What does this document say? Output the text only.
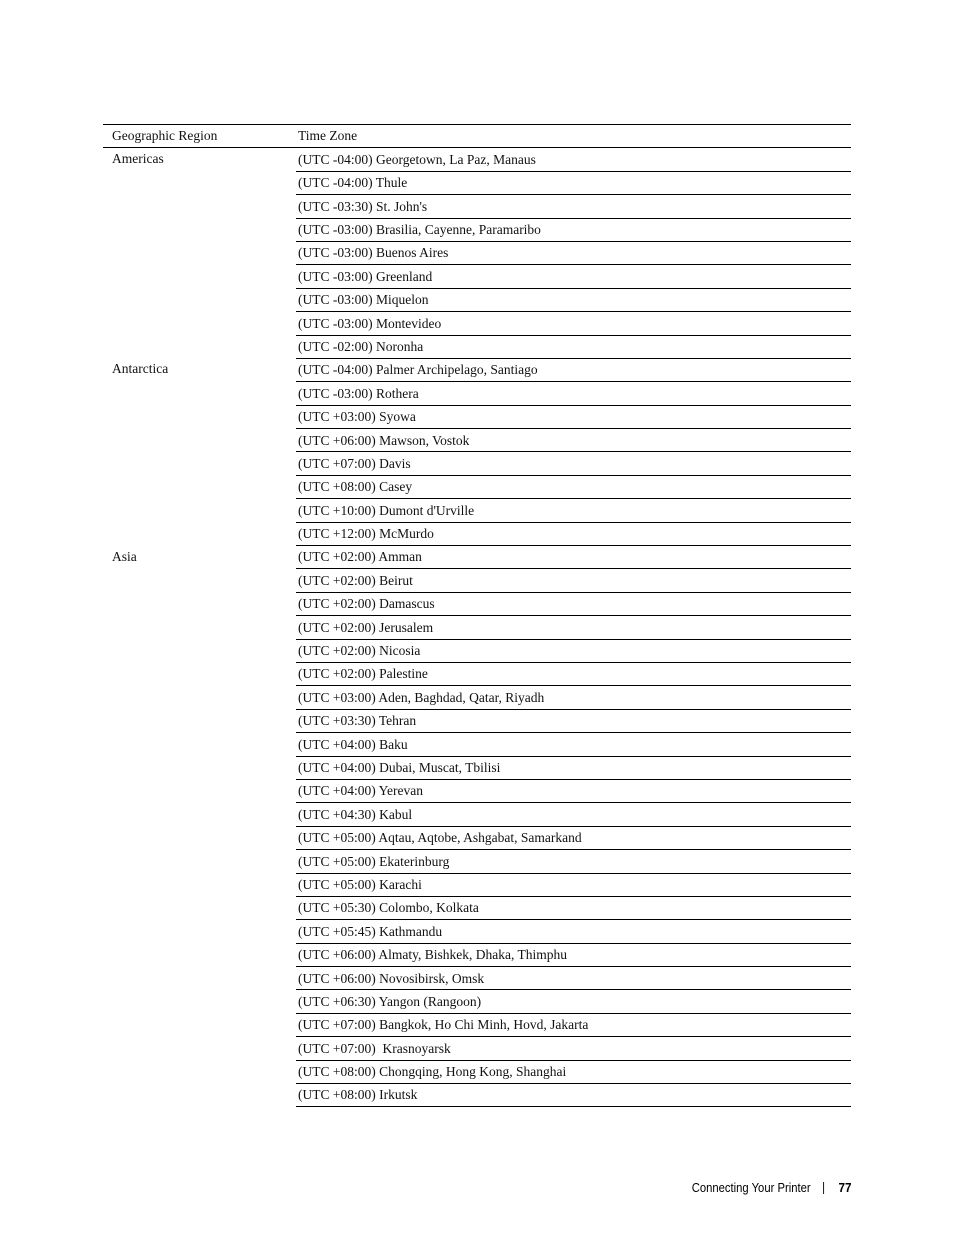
Geographic Region	Time Zone
Americas	(UTC -04:00) Georgetown, La Paz, Manaus
	(UTC -04:00) Thule
	(UTC -03:30) St. John's
	(UTC -03:00) Brasilia, Cayenne, Paramaribo
	(UTC -03:00) Buenos Aires
	(UTC -03:00) Greenland
	(UTC -03:00) Miquelon
	(UTC -03:00) Montevideo
	(UTC -02:00) Noronha
Antarctica	(UTC -04:00) Palmer Archipelago, Santiago
	(UTC -03:00) Rothera
	(UTC +03:00) Syowa
	(UTC +06:00) Mawson, Vostok
	(UTC +07:00) Davis
	(UTC +08:00) Casey
	(UTC +10:00) Dumont d'Urville
	(UTC +12:00) McMurdo
Asia	(UTC +02:00) Amman
	(UTC +02:00) Beirut
	(UTC +02:00) Damascus
	(UTC +02:00) Jerusalem
	(UTC +02:00) Nicosia
	(UTC +02:00) Palestine
	(UTC +03:00) Aden, Baghdad, Qatar, Riyadh
	(UTC +03:30) Tehran
	(UTC +04:00) Baku
	(UTC +04:00) Dubai, Muscat, Tbilisi
	(UTC +04:00) Yerevan
	(UTC +04:30) Kabul
	(UTC +05:00) Aqtau, Aqtobe, Ashgabat, Samarkand
	(UTC +05:00) Ekaterinburg
	(UTC +05:00) Karachi
	(UTC +05:30) Colombo, Kolkata
	(UTC +05:45) Kathmandu
	(UTC +06:00) Almaty, Bishkek, Dhaka, Thimphu
	(UTC +06:00) Novosibirsk, Omsk
	(UTC +06:30) Yangon (Rangoon)
	(UTC +07:00) Bangkok, Ho Chi Minh, Hovd, Jakarta
	(UTC +07:00)  Krasnoyarsk
	(UTC +08:00) Chongqing, Hong Kong, Shanghai
	(UTC +08:00) Irkutsk
Connecting Your Printer 77
